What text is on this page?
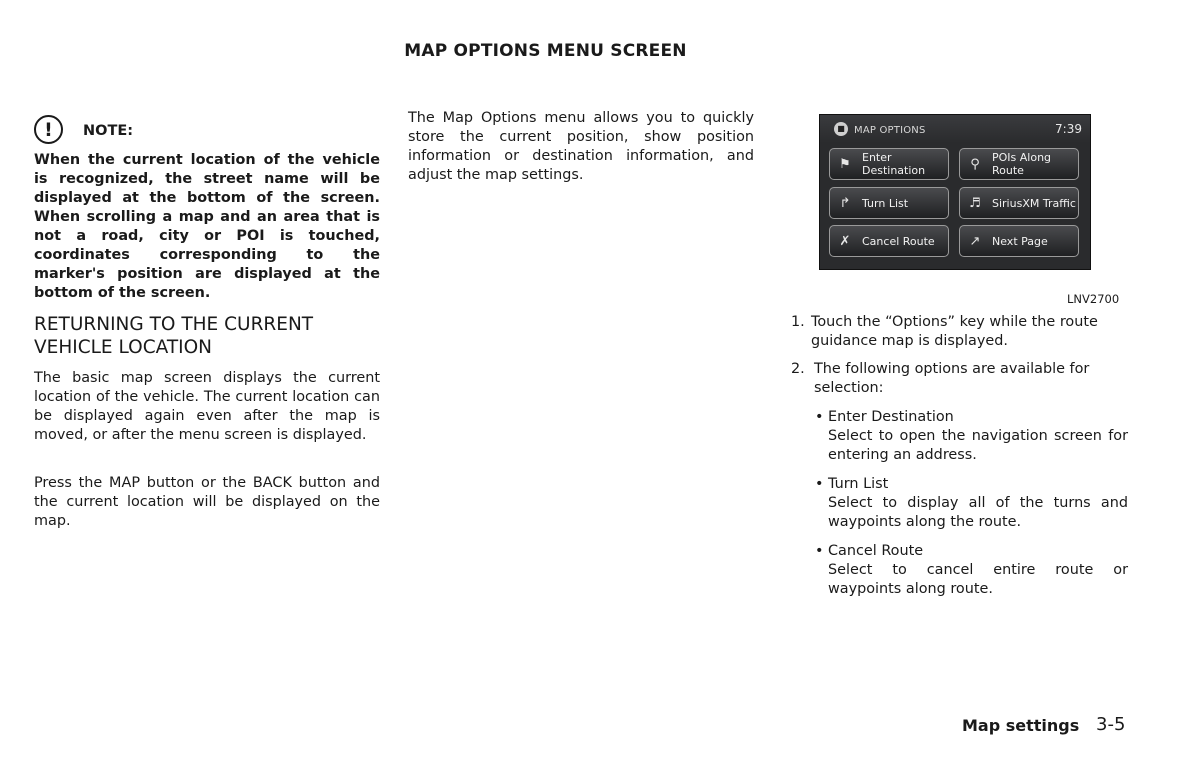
MAP OPTIONS MENU SCREEN
!	NOTE:
When the current location of the vehicle is recognized, the street name will be displayed at the bottom of the screen. When scrolling a map and an area that is not a road, city or POI is touched, coordinates corresponding to the marker's position are displayed at the bottom of the screen.
RETURNING TO THE CURRENT VEHICLE LOCATION
The basic map screen displays the current location of the vehicle. The current location can be displayed again even after the map is moved, or after the menu screen is displayed.
Press the MAP button or the BACK button and the current location will be displayed on the map.
The Map Options menu allows you to quickly store the current position, show position information or destination information, and adjust the map settings.
■ MAP OPTIONS	7:39
⚑ Enter Destination	⚲ POIs Along Route
↱ Turn List	♬ SiriusXM Traffic
✗ Cancel Route	↗ Next Page
LNV2700
1. Touch the “Options” key while the route guidance map is displayed.
2. The following options are available for selection:
• Enter Destination
Select to open the navigation screen for entering an address.
• Turn List
Select to display all of the turns and waypoints along the route.
• Cancel Route
Select to cancel entire route or waypoints along route.
Map settings 3-5
